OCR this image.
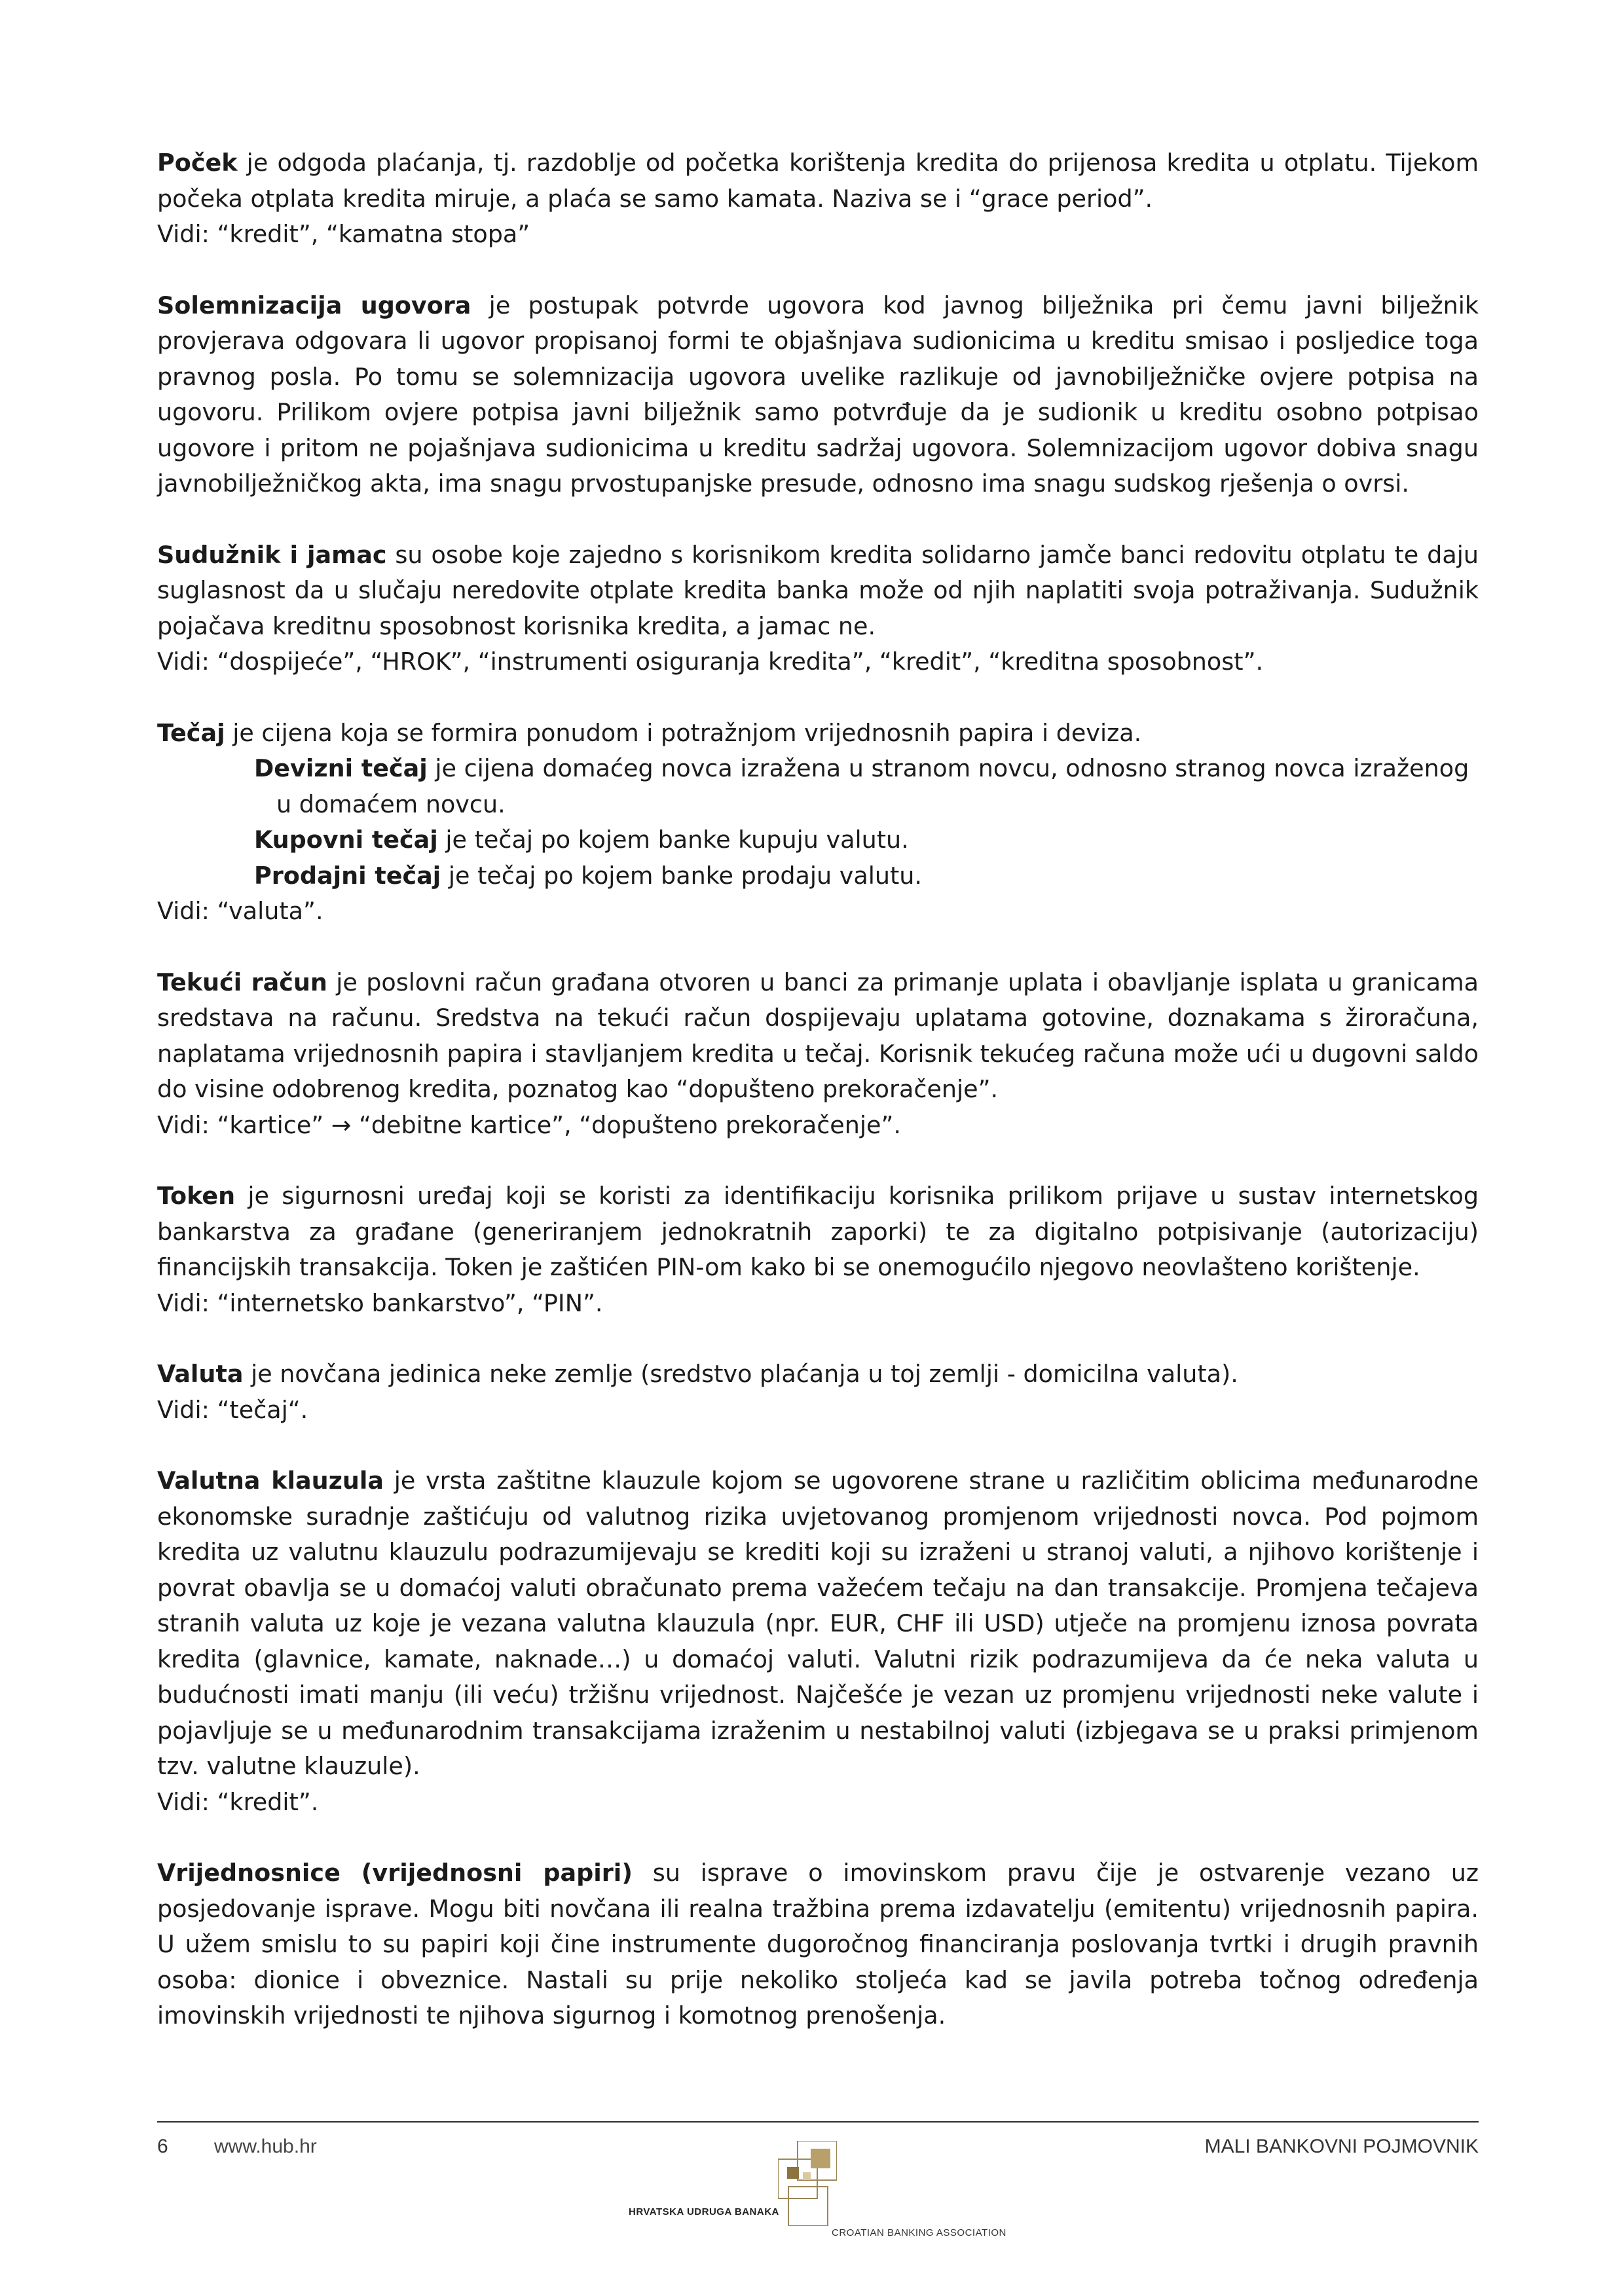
Poček je odgoda plaćanja, tj. razdoblje od početka korištenja kredita do prijenosa kredita u otplatu. Tijekom počeka otplata kredita miruje, a plaća se samo kamata. Naziva se i “grace period”.

Vidi: “kredit”, “kamatna stopa”

Solemnizacija ugovora je postupak potvrde ugovora kod javnog bilježnika pri čemu javni bilježnik provjerava odgovara li ugovor propisanoj formi te objašnjava sudionicima u kreditu smisao i posljedice toga pravnog posla. Po tomu se solemnizacija ugovora uvelike razlikuje od javnobilježničke ovjere potpisa na ugovoru. Prilikom ovjere potpisa javni bilježnik samo potvrđuje da je sudionik u kreditu osobno potpisao ugovore i pritom ne pojašnjava sudionicima u kreditu sadržaj ugovora. Solemnizacijom ugovor dobiva snagu javnobilježničkog akta, ima snagu prvostupanjske presude, odnosno ima snagu sudskog rješenja o ovrsi.

Sudužnik i jamac su osobe koje zajedno s korisnikom kredita solidarno jamče banci redovitu otplatu te daju suglasnost da u slučaju neredovite otplate kredita banka može od njih naplatiti svoja potraživanja. Sudužnik pojačava kreditnu sposobnost korisnika kredita, a jamac ne.

Vidi: “dospijeće”, “HROK”, “instrumenti osiguranja kredita”, “kredit”, “kreditna sposobnost”.

Tečaj je cijena koja se formira ponudom i potražnjom vrijednosnih papira i deviza.

Devizni tečaj je cijena domaćeg novca izražena u stranom novcu, odnosno stranog novca izraženog u domaćem novcu.

Kupovni tečaj je tečaj po kojem banke kupuju valutu.

Prodajni tečaj je tečaj po kojem banke prodaju valutu.

Vidi: “valuta”.

Tekući račun je poslovni račun građana otvoren u banci za primanje uplata i obavljanje isplata u granicama sredstava na računu. Sredstva na tekući račun dospijevaju uplatama gotovine, doznakama s žiroračuna, naplatama vrijednosnih papira i stavljanjem kredita u tečaj. Korisnik tekućeg računa može ući u dugovni saldo do visine odobrenog kredita, poznatog kao “dopušteno prekoračenje”.

Vidi: “kartice” → “debitne kartice”, “dopušteno prekoračenje”.

Token je sigurnosni uređaj koji se koristi za identifikaciju korisnika prilikom prijave u sustav internetskog bankarstva za građane (generiranjem jednokratnih zaporki) te za digitalno potpisivanje (autorizaciju) financijskih transakcija. Token je zaštićen PIN-om kako bi se onemogućilo njegovo neovlašteno korištenje.

Vidi: “internetsko bankarstvo”, “PIN”.

Valuta je novčana jedinica neke zemlje (sredstvo plaćanja u toj zemlji - domicilna valuta).

Vidi: “tečaj“.

Valutna klauzula je vrsta zaštitne klauzule kojom se ugovorene strane u različitim oblicima međunarodne ekonomske suradnje zaštićuju od valutnog rizika uvjetovanog promjenom vrijednosti novca. Pod pojmom kredita uz valutnu klauzulu podrazumijevaju se krediti koji su izraženi u stranoj valuti, a njihovo korištenje i povrat obavlja se u domaćoj valuti obračunato prema važećem tečaju na dan transakcije. Promjena tečajeva stranih valuta uz koje je vezana valutna klauzula (npr. EUR, CHF ili USD) utječe na promjenu iznosa povrata kredita (glavnice, kamate, naknade…) u domaćoj valuti. Valutni rizik podrazumijeva da će neka valuta u budućnosti imati manju (ili veću) tržišnu vrijednost. Najčešće je vezan uz promjenu vrijednosti neke valute i pojavljuje se u međunarodnim transakcijama izraženim u nestabilnoj valuti (izbjegava se u praksi primjenom tzv. valutne klauzule).

Vidi: “kredit”.

Vrijednosnice (vrijednosni papiri) su isprave o imovinskom pravu čije je ostvarenje vezano uz posjedovanje isprave. Mogu biti novčana ili realna tražbina prema izdavatelju (emitentu) vrijednosnih papira. U užem smislu to su papiri koji čine instrumente dugoročnog financiranja poslovanja tvrtki i drugih pravnih osoba: dionice i obveznice. Nastali su prije nekoliko stoljeća kad se javila potreba točnog određenja imovinskih vrijednosti te njihova sigurnog i komotnog prenošenja.

6 www.hub.hr	MALI BANKOVNI POJMOVNIK
HRVATSKA UDRUGA BANAKA
CROATIAN BANKING ASSOCIATION
